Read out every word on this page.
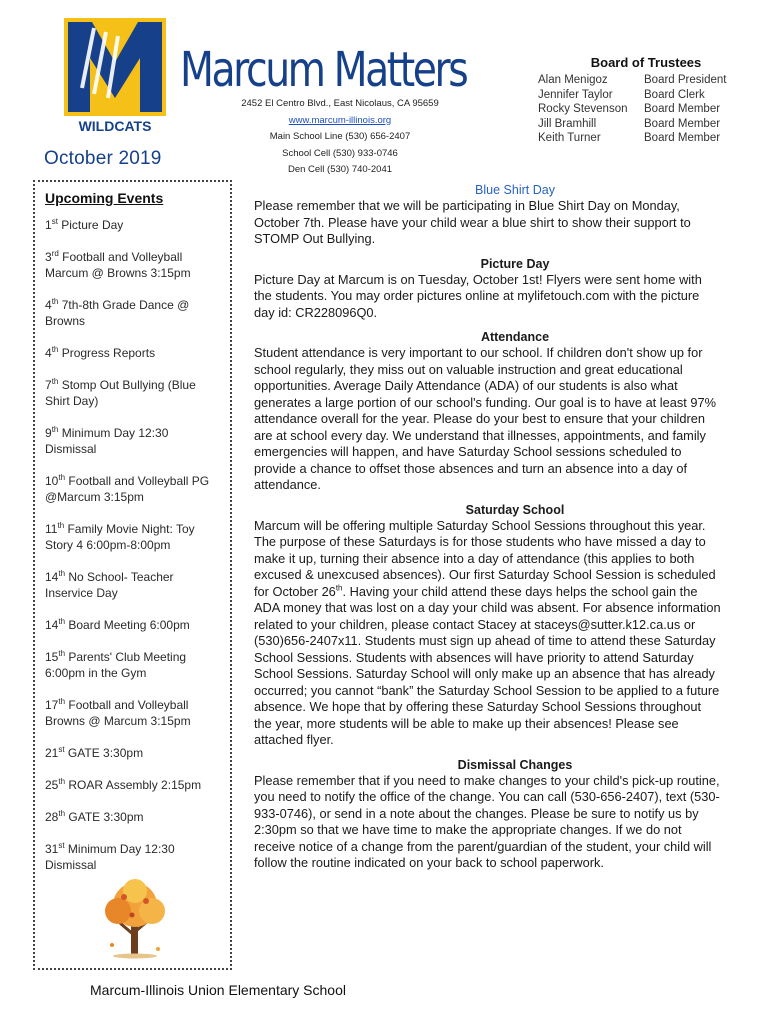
WILDCATS
Marcum Matters
2452 El Centro Blvd., East Nicolaus, CA 95659
www.marcum-illinois.org
Main School Line (530) 656-2407
School Cell (530) 933-0746
Den Cell (530) 740-2041
Board of Trustees
Alan Menigoz	Board President
Jennifer Taylor	Board Clerk
Rocky Stevenson	Board Member
Jill Bramhill	Board Member
Keith Turner	Board Member
October 2019
Upcoming Events
1st Picture Day
3rd Football and Volleyball Marcum @ Browns 3:15pm
4th 7th-8th Grade Dance @ Browns
4th Progress Reports
7th Stomp Out Bullying (Blue Shirt Day)
9th Minimum Day 12:30 Dismissal
10th Football and Volleyball PG @Marcum 3:15pm
11th Family Movie Night: Toy Story 4 6:00pm-8:00pm
14th No School- Teacher Inservice Day
14th Board Meeting 6:00pm
15th Parents' Club Meeting 6:00pm in the Gym
17th Football and Volleyball Browns @ Marcum 3:15pm
21st GATE 3:30pm
25th ROAR Assembly 2:15pm
28th GATE 3:30pm
31st Minimum Day 12:30 Dismissal
Blue Shirt Day

Please remember that we will be participating in Blue Shirt Day on Monday, October 7th. Please have your child wear a blue shirt to show their support to STOMP Out Bullying.

Picture Day

Picture Day at Marcum is on Tuesday, October 1st! Flyers were sent home with the students. You may order pictures online at mylifetouch.com with the picture day id: CR228096Q0.

Attendance

Student attendance is very important to our school. If children don't show up for school regularly, they miss out on valuable instruction and great educational opportunities. Average Daily Attendance (ADA) of our students is also what generates a large portion of our school's funding. Our goal is to have at least 97% attendance overall for the year. Please do your best to ensure that your children are at school every day. We understand that illnesses, appointments, and family emergencies will happen, and have Saturday School sessions scheduled to provide a chance to offset those absences and turn an absence into a day of attendance.

Saturday School

Marcum will be offering multiple Saturday School Sessions throughout this year. The purpose of these Saturdays is for those students who have missed a day to make it up, turning their absence into a day of attendance (this applies to both excused & unexcused absences). Our first Saturday School Session is scheduled for October 26th. Having your child attend these days helps the school gain the ADA money that was lost on a day your child was absent. For absence information related to your children, please contact Stacey at staceys@sutter.k12.ca.us or (530)656-2407x11. Students must sign up ahead of time to attend these Saturday School Sessions. Students with absences will have priority to attend Saturday School Sessions. Saturday School will only make up an absence that has already occurred; you cannot “bank” the Saturday School Session to be applied to a future absence. We hope that by offering these Saturday School Sessions throughout the year, more students will be able to make up their absences! Please see attached flyer.

Dismissal Changes

Please remember that if you need to make changes to your child's pick-up routine, you need to notify the office of the change. You can call (530-656-2407), text (530-933-0746), or send in a note about the changes. Please be sure to notify us by 2:30pm so that we have time to make the appropriate changes. If we do not receive notice of a change from the parent/guardian of the student, your child will follow the routine indicated on your back to school paperwork.

Marcum-Illinois Union Elementary School
